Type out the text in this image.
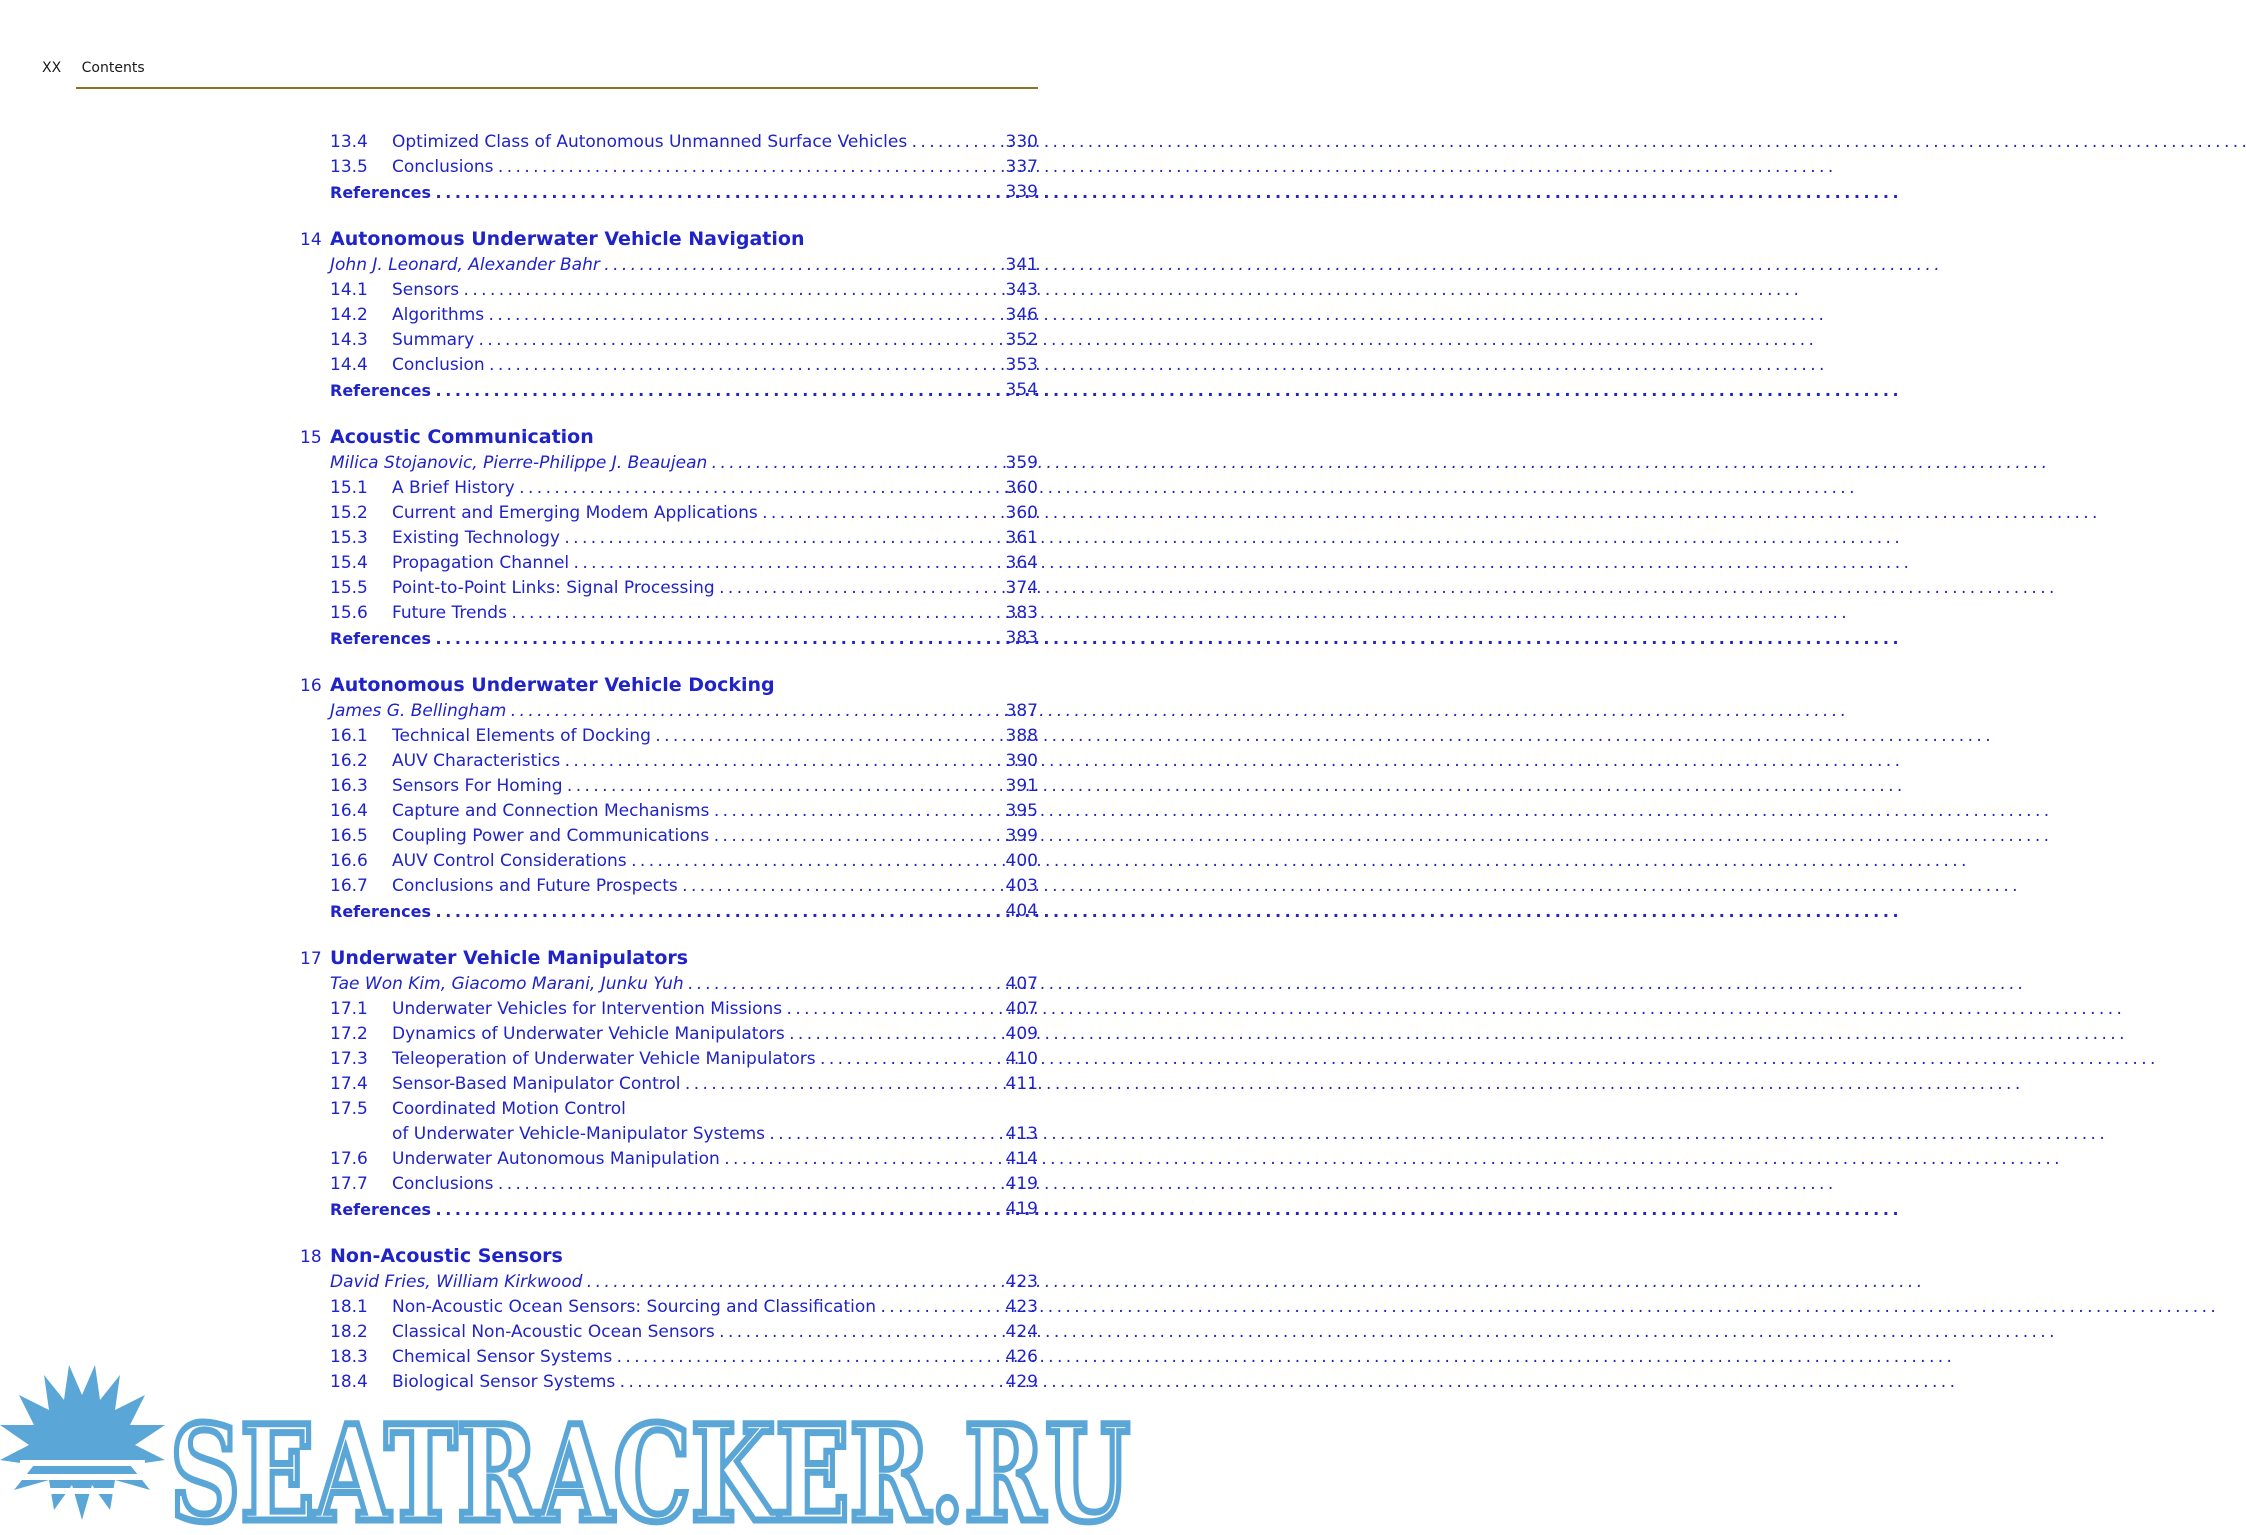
XX Contents
13.4 Optimized Class of Autonomous Unmanned Surface Vehicles . . .	330
13.5 Conclusions . . .	337
References . . .	339
14 Autonomous Underwater Vehicle Navigation
John J. Leonard, Alexander Bahr . . .	341
14.1 Sensors . . .	343
14.2 Algorithms . . .	346
14.3 Summary . . .	352
14.4 Conclusion . . .	353
References . . .	354
15 Acoustic Communication
Milica Stojanovic, Pierre-Philippe J. Beaujean . . .	359
15.1 A Brief History . . .	360
15.2 Current and Emerging Modem Applications . . .	360
15.3 Existing Technology . . .	361
15.4 Propagation Channel . . .	364
15.5 Point-to-Point Links: Signal Processing . . .	374
15.6 Future Trends . . .	383
References . . .	383
16 Autonomous Underwater Vehicle Docking
James G. Bellingham . . .	387
16.1 Technical Elements of Docking . . .	388
16.2 AUV Characteristics . . .	390
16.3 Sensors For Homing . . .	391
16.4 Capture and Connection Mechanisms . . .	395
16.5 Coupling Power and Communications . . .	399
16.6 AUV Control Considerations . . .	400
16.7 Conclusions and Future Prospects . . .	403
References . . .	404
17 Underwater Vehicle Manipulators
Tae Won Kim, Giacomo Marani, Junku Yuh . . .	407
17.1 Underwater Vehicles for Intervention Missions . . .	407
17.2 Dynamics of Underwater Vehicle Manipulators . . .	409
17.3 Teleoperation of Underwater Vehicle Manipulators . . .	410
17.4 Sensor-Based Manipulator Control . . .	411
17.5 Coordinated Motion Control
of Underwater Vehicle-Manipulator Systems . . .	413
17.6 Underwater Autonomous Manipulation . . .	414
17.7 Conclusions . . .	419
References . . .	419
18 Non-Acoustic Sensors
David Fries, William Kirkwood . . .	423
18.1 Non-Acoustic Ocean Sensors: Sourcing and Classification . . .	423
18.2 Classical Non-Acoustic Ocean Sensors . . .	424
18.3 Chemical Sensor Systems . . .	426
18.4 Biological Sensor Systems . . .	429
SEATRACKER.RU
